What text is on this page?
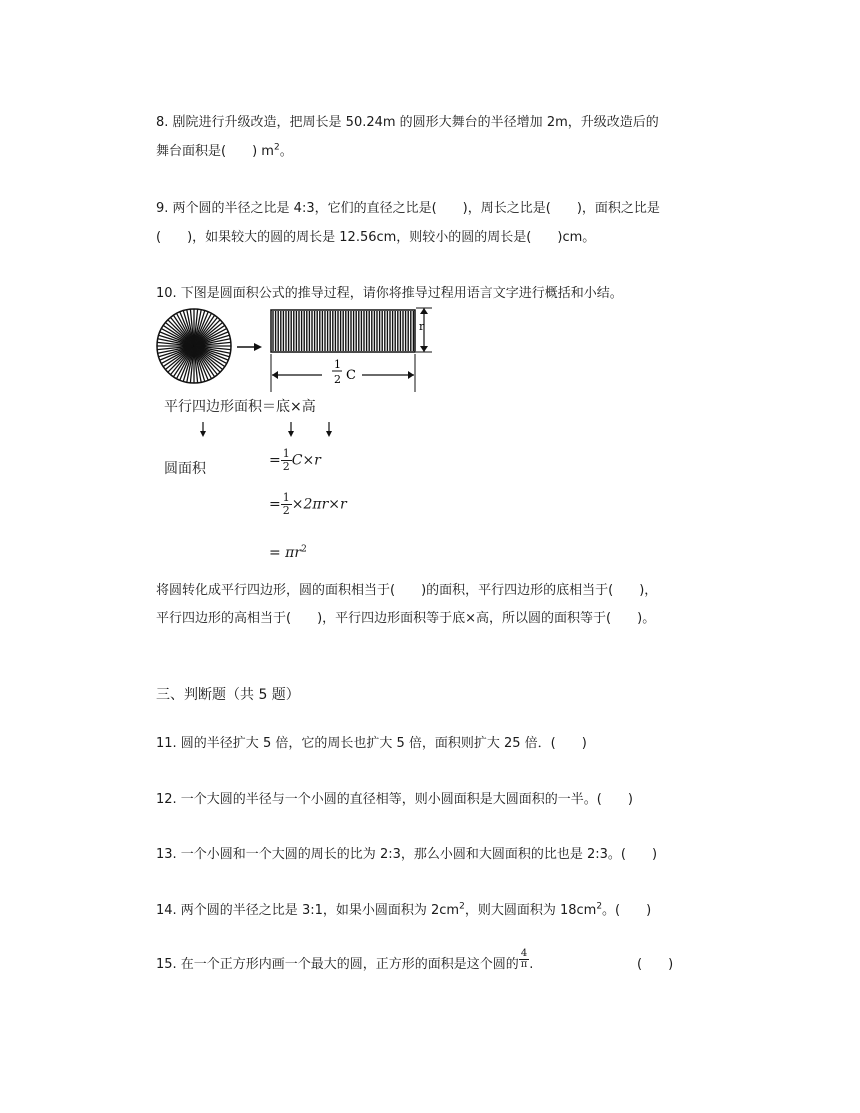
8. 剧院进行升级改造，把周长是 50.24m 的圆形大舞台的半径增加 2m，升级改造后的
舞台面积是( ) $m^2$。
9. 两个圆的半径之比是 4:3，它们的直径之比是( )，周长之比是( )，面积之比是
( )，如果较大的圆的周长是 12.56cm，则较小的圆的周长是( )cm。
10. 下图是圆面积公式的推导过程，请你将推导过程用语言文字进行概括和小结。
r
1
2 C
平行四边形面积＝底×高
圆面积
= $\frac{1}{2} C\times r$
= $\frac{1}{2} \times 2\pi r\times r$
= $\pi r^2$
将圆转化成平行四边形，圆的面积相当于( )的面积，平行四边形的底相当于( )，
平行四边形的高相当于( )，平行四边形面积等于底×高，所以圆的面积等于( )。
三、判断题（共 5 题）
11. 圆的半径扩大 5 倍，它的周长也扩大 5 倍，面积则扩大 25 倍．( )
12. 一个大圆的半径与一个小圆的直径相等，则小圆面积是大圆面积的一半。( )
13. 一个小圆和一个大圆的周长的比为 2:3，那么小圆和大圆面积的比也是 2:3。( )
14. 两个圆的半径之比是 3:1，如果小圆面积为 $2cm^2$，则大圆面积为 $18cm^2$。( )
15. 在一个正方形内画一个最大的圆，正方形的面积是这个圆的 $\frac{4}{\pi}$ .	( )
